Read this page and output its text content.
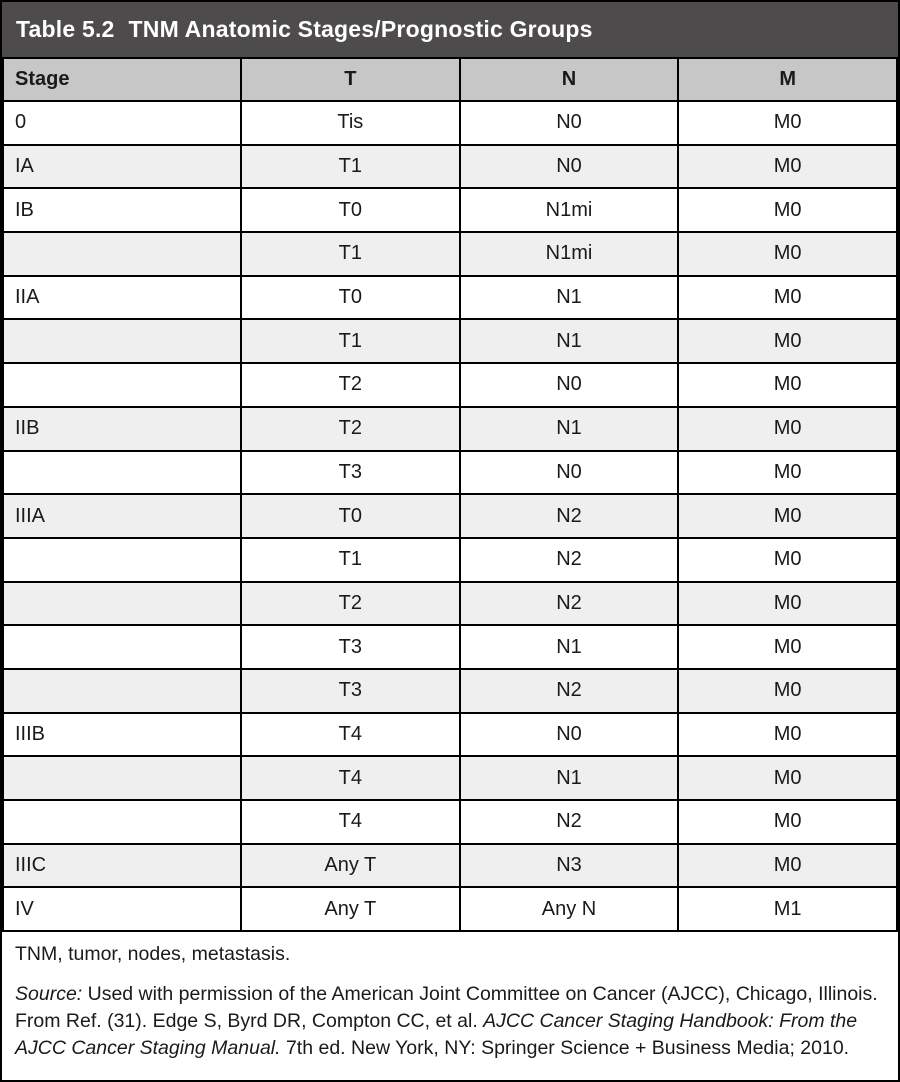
Table 5.2 TNM Anatomic Stages/Prognostic Groups
Stage	T	N	M
0	Tis	N0	M0
IA	T1	N0	M0
IB	T0	N1mi	M0
	T1	N1mi	M0
IIA	T0	N1	M0
	T1	N1	M0
	T2	N0	M0
IIB	T2	N1	M0
	T3	N0	M0
IIIA	T0	N2	M0
	T1	N2	M0
	T2	N2	M0
	T3	N1	M0
	T3	N2	M0
IIIB	T4	N0	M0
	T4	N1	M0
	T4	N2	M0
IIIC	Any T	N3	M0
IV	Any T	Any N	M1

TNM, tumor, nodes, metastasis.

Source: Used with permission of the American Joint Committee on Cancer (AJCC), Chicago, Illinois. From Ref. (31). Edge S, Byrd DR, Compton CC, et al. AJCC Cancer Staging Handbook: From the AJCC Cancer Staging Manual. 7th ed. New York, NY: Springer Science + Business Media; 2010.
